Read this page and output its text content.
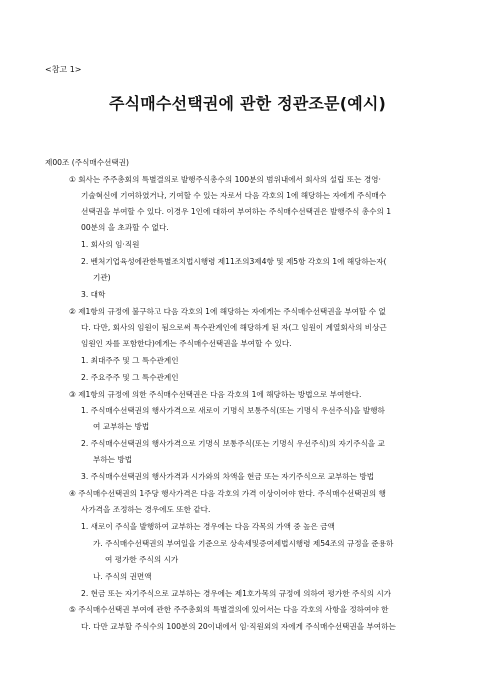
<참고 1>
주식매수선택권에 관한 정관조문(예시)
제00조 (주식매수선택권)
① 회사는 주주총회의 특별결의로 발행주식총수의 100분의 범위내에서 회사의 설립 또는 경영·
기술혁신에 기여하였거나, 기여할 수 있는 자로서 다음 각호의 1에 해당하는 자에게 주식매수
선택권을 부여할 수 있다. 이경우 1인에 대하여 부여하는 주식매수선택권은 발행주식 총수의 1
00분의 을 초과할 수 없다.
1. 회사의 임·직원
2. 벤처기업육성에관한특별조치법시행령 제11조의3제4항 및 제5항 각호의 1에 해당하는자(
기관)
3. 대학
② 제1항의 규정에 불구하고 다음 각호의 1에 해당하는 자에게는 주식매수선택권을 부여할 수 없
다. 다만, 회사의 임원이 됨으로써 특수관계인에 해당하게 된 자(그 임원이 계열회사의 비상근
임원인 자를 포함한다)에게는 주식매수선택권을 부여할 수 있다.
1. 최대주주 및 그 특수관계인
2. 주요주주 및 그 특수관계인
③ 제1항의 규정에 의한 주식매수선택권은 다음 각호의 1에 해당하는 방법으로 부여한다.
1. 주식매수선택권의 행사가격으로 새로이 기명식 보통주식(또는 기명식 우선주식)을 발행하
여 교부하는 방법
2. 주식매수선택권의 행사가격으로 기명식 보통주식(또는 기명식 우선주식)의 자기주식을 교
부하는 방법
3. 주식매수선택권의 행사가격과 시가와의 차액을 현금 또는 자기주식으로 교부하는 방법
④ 주식매수선택권의 1주당 행사가격은 다음 각호의 가격 이상이어야 한다. 주식매수선택권의 행
사가격을 조정하는 경우에도 또한 같다.
1. 새로이 주식을 발행하여 교부하는 경우에는 다음 각목의 가액 중 높은 금액
가. 주식매수선택권의 부여일을 기준으로 상속세및증여세법시행령 제54조의 규정을 준용하
여 평가한 주식의 시가
나. 주식의 권면액
2. 현금 또는 자기주식으로 교부하는 경우에는 제1호가목의 규정에 의하여 평가한 주식의 시가
⑤ 주식매수선택권 부여에 관한 주주총회의 특별결의에 있어서는 다음 각호의 사항을 정하여야 한
다. 다만 교부할 주식수의 100분의 20이내에서 임·직원외의 자에게 주식매수선택권을 부여하는
